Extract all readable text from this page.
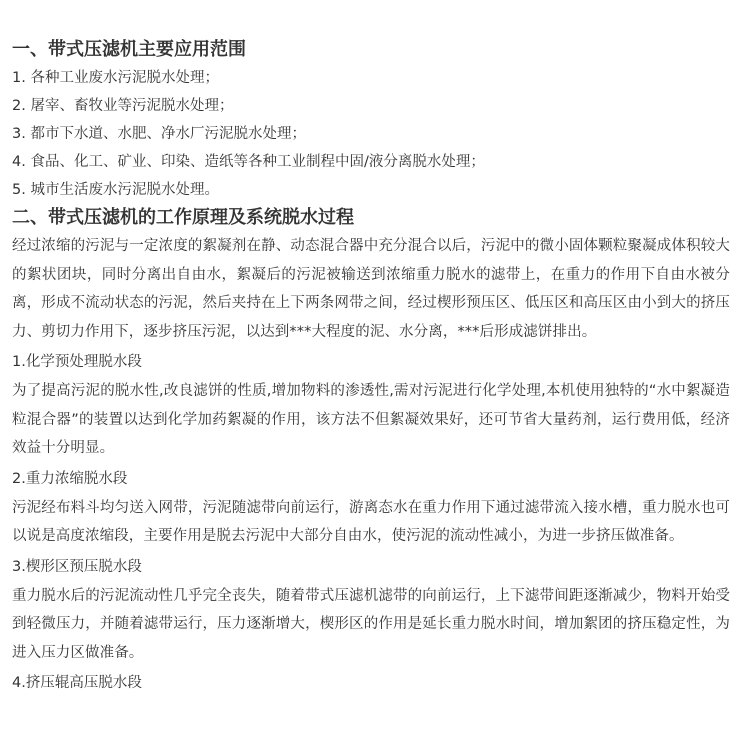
一、带式压滤机主要应用范围

1. 各种工业废水污泥脱水处理；

2. 屠宰、畜牧业等污泥脱水处理；

3. 都市下水道、水肥、净水厂污泥脱水处理；

4. 食品、化工、矿业、印染、造纸等各种工业制程中固/液分离脱水处理；

5. 城市生活废水污泥脱水处理。

二、带式压滤机的工作原理及系统脱水过程

经过浓缩的污泥与一定浓度的絮凝剂在静、动态混合器中充分混合以后，污泥中的微小固体颗粒聚凝成体积较大的絮状团块，同时分离出自由水，絮凝后的污泥被输送到浓缩重力脱水的滤带上，在重力的作用下自由水被分离，形成不流动状态的污泥，然后夹持在上下两条网带之间，经过楔形预压区、低压区和高压区由小到大的挤压力、剪切力作用下，逐步挤压污泥，以达到***大程度的泥、水分离，***后形成滤饼排出。

1.化学预处理脱水段

为了提高污泥的脱水性,改良滤饼的性质,增加物料的渗透性,需对污泥进行化学处理,本机使用独特的“水中絮凝造粒混合器”的装置以达到化学加药絮凝的作用，该方法不但絮凝效果好，还可节省大量药剂，运行费用低，经济效益十分明显。

2.重力浓缩脱水段

污泥经布料斗均匀送入网带，污泥随滤带向前运行，游离态水在重力作用下通过滤带流入接水槽，重力脱水也可以说是高度浓缩段，主要作用是脱去污泥中大部分自由水，使污泥的流动性减小，为进一步挤压做准备。

3.楔形区预压脱水段

重力脱水后的污泥流动性几乎完全丧失，随着带式压滤机滤带的向前运行，上下滤带间距逐渐减少，物料开始受到轻微压力，并随着滤带运行，压力逐渐增大，楔形区的作用是延长重力脱水时间，增加絮团的挤压稳定性，为进入压力区做准备。

4.挤压辊高压脱水段
